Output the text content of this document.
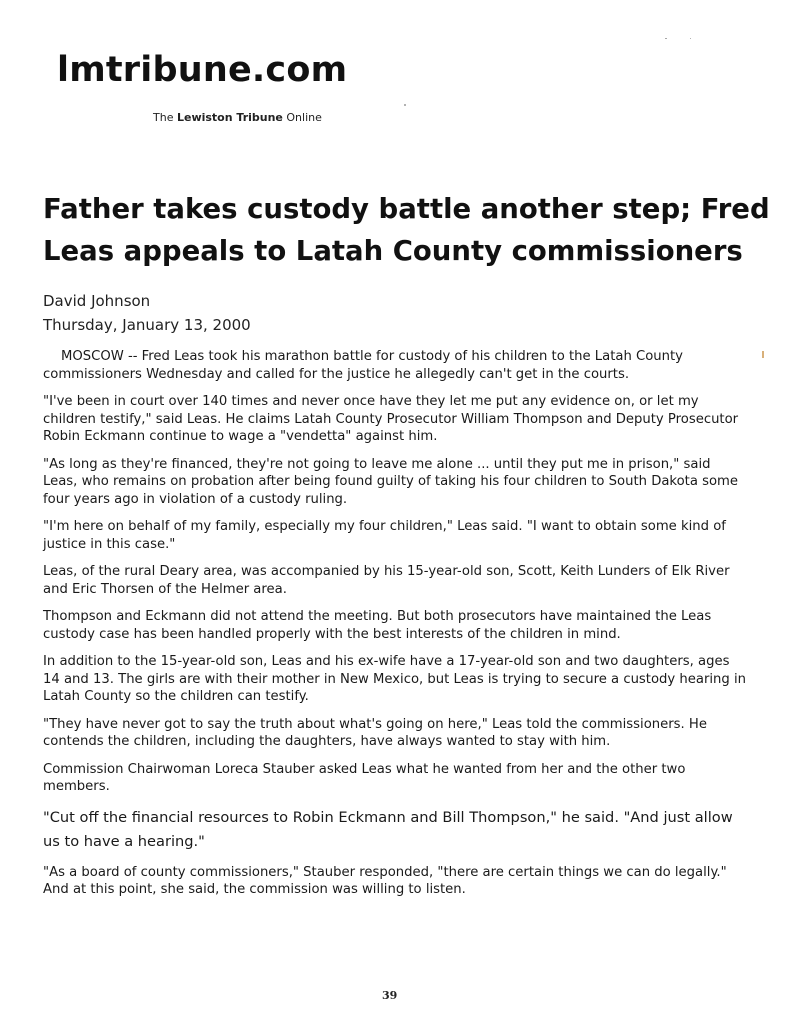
lmtribune.com
The Lewiston Tribune Online
Father takes custody battle another step; Fred Leas appeals to Latah County commissioners
David Johnson
Thursday, January 13, 2000

MOSCOW -- Fred Leas took his marathon battle for custody of his children to the Latah County commissioners Wednesday and called for the justice he allegedly can't get in the courts.

"I've been in court over 140 times and never once have they let me put any evidence on, or let my children testify," said Leas. He claims Latah County Prosecutor William Thompson and Deputy Prosecutor Robin Eckmann continue to wage a "vendetta" against him.

"As long as they're financed, they're not going to leave me alone ... until they put me in prison," said Leas, who remains on probation after being found guilty of taking his four children to South Dakota some four years ago in violation of a custody ruling.

"I'm here on behalf of my family, especially my four children," Leas said. "I want to obtain some kind of justice in this case."

Leas, of the rural Deary area, was accompanied by his 15-year-old son, Scott, Keith Lunders of Elk River and Eric Thorsen of the Helmer area.

Thompson and Eckmann did not attend the meeting. But both prosecutors have maintained the Leas custody case has been handled properly with the best interests of the children in mind.

In addition to the 15-year-old son, Leas and his ex-wife have a 17-year-old son and two daughters, ages 14 and 13. The girls are with their mother in New Mexico, but Leas is trying to secure a custody hearing in Latah County so the children can testify.

"They have never got to say the truth about what's going on here," Leas told the commissioners. He contends the children, including the daughters, have always wanted to stay with him.

Commission Chairwoman Loreca Stauber asked Leas what he wanted from her and the other two members.

"Cut off the financial resources to Robin Eckmann and Bill Thompson," he said. "And just allow us to have a hearing."

"As a board of county commissioners," Stauber responded, "there are certain things we can do legally." And at this point, she said, the commission was willing to listen.

39
